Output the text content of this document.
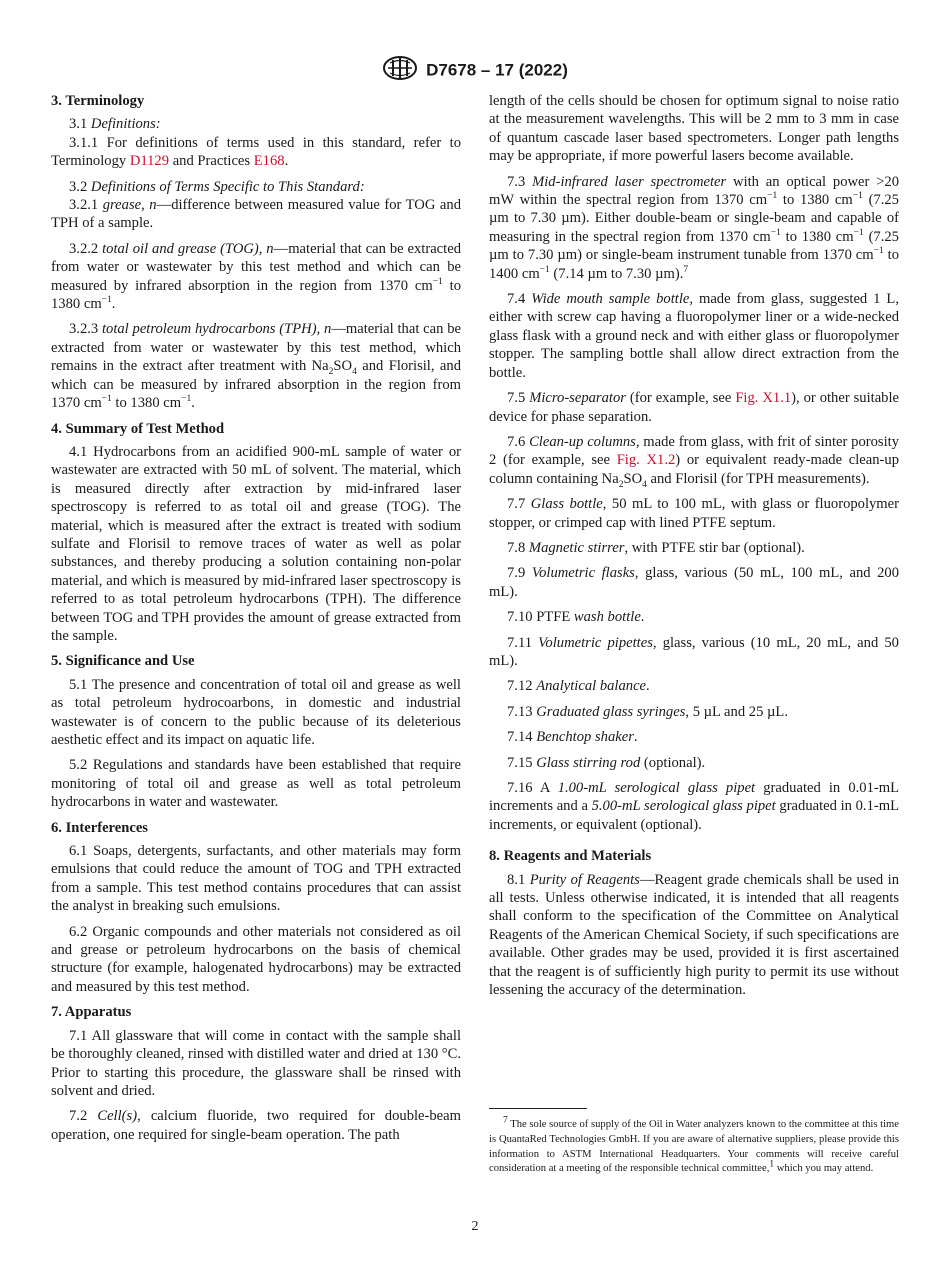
D7678 – 17 (2022)
3. Terminology

3.1 Definitions:

3.1.1 For definitions of terms used in this standard, refer to Terminology D1129 and Practices E168.

3.2 Definitions of Terms Specific to This Standard:

3.2.1 grease, n—difference between measured value for TOG and TPH of a sample.

3.2.2 total oil and grease (TOG), n—material that can be extracted from water or wastewater by this test method and which can be measured by infrared absorption in the region from 1370 $cm^{-1}$ to 1380 $cm^{-1}$.

3.2.3 total petroleum hydrocarbons (TPH), n—material that can be extracted from water or wastewater by this test method, which remains in the extract after treatment with $Na_2SO_4$ and Florisil, and which can be measured by infrared absorption in the region from 1370 $cm^{-1}$ to 1380 $cm^{-1}$.

4. Summary of Test Method

4.1 Hydrocarbons from an acidified 900-mL sample of water or wastewater are extracted with 50 mL of solvent. The material, which is measured directly after extraction by mid-infrared laser spectroscopy is referred to as total oil and grease (TOG). The material, which is measured after the extract is treated with sodium sulfate and Florisil to remove traces of water as well as polar substances, and thereby producing a solution containing non-polar material, and which is measured by mid-infrared laser spectroscopy is referred to as total petroleum hydrocarbons (TPH). The difference between TOG and TPH provides the amount of grease extracted from the sample.

5. Significance and Use

5.1 The presence and concentration of total oil and grease as well as total petroleum hydrocoarbons, in domestic and industrial wastewater is of concern to the public because of its deleterious aesthetic effect and its impact on aquatic life.

5.2 Regulations and standards have been established that require monitoring of total oil and grease as well as total petroleum hydrocarbons in water and wastewater.

6. Interferences

6.1 Soaps, detergents, surfactants, and other materials may form emulsions that could reduce the amount of TOG and TPH extracted from a sample. This test method contains procedures that can assist the analyst in breaking such emulsions.

6.2 Organic compounds and other materials not considered as oil and grease or petroleum hydrocarbons on the basis of chemical structure (for example, halogenated hydrocarbons) may be extracted and measured by this test method.

7. Apparatus

7.1 All glassware that will come in contact with the sample shall be thoroughly cleaned, rinsed with distilled water and dried at 130 °C. Prior to starting this procedure, the glassware shall be rinsed with solvent and dried.

7.2 Cell(s), calcium fluoride, two required for double-beam operation, one required for single-beam operation. The path

length of the cells should be chosen for optimum signal to noise ratio at the measurement wavelengths. This will be 2 mm to 3 mm in case of quantum cascade laser based spectrometers. Longer path lengths may be appropriate, if more powerful lasers become available.

7.3 Mid-infrared laser spectrometer with an optical power >20 mW within the spectral region from 1370 $cm^{-1}$ to 1380 $cm^{-1}$ (7.25 µm to 7.30 µm). Either double-beam or single-beam and capable of measuring in the spectral region from 1370 $cm^{-1}$ to 1380 $cm^{-1}$ (7.25 µm to 7.30 µm) or single-beam instrument tunable from 1370 $cm^{-1}$ to 1400 $cm^{-1}$ (7.14 µm to 7.30 µm).$^7$

7.4 Wide mouth sample bottle, made from glass, suggested 1 L, either with screw cap having a fluoropolymer liner or a wide-necked glass flask with a ground neck and with either glass or fluoropolymer stopper. The sampling bottle shall allow direct extraction from the bottle.

7.5 Micro-separator (for example, see Fig. X1.1), or other suitable device for phase separation.

7.6 Clean-up columns, made from glass, with frit of sinter porosity 2 (for example, see Fig. X1.2) or equivalent ready-made clean-up column containing $Na_2SO_4$ and Florisil (for TPH measurements).

7.7 Glass bottle, 50 mL to 100 mL, with glass or fluoropolymer stopper, or crimped cap with lined PTFE septum.

7.8 Magnetic stirrer, with PTFE stir bar (optional).

7.9 Volumetric flasks, glass, various (50 mL, 100 mL, and 200 mL).

7.10 PTFE wash bottle.

7.11 Volumetric pipettes, glass, various (10 mL, 20 mL, and 50 mL).

7.12 Analytical balance.

7.13 Graduated glass syringes, 5 µL and 25 µL.

7.14 Benchtop shaker.

7.15 Glass stirring rod (optional).

7.16 A 1.00-mL serological glass pipet graduated in 0.01-mL increments and a 5.00-mL serological glass pipet graduated in 0.1-mL increments, or equivalent (optional).

8. Reagents and Materials

8.1 Purity of Reagents—Reagent grade chemicals shall be used in all tests. Unless otherwise indicated, it is intended that all reagents shall conform to the specification of the Committee on Analytical Reagents of the American Chemical Society, if such specifications are available. Other grades may be used, provided it is first ascertained that the reagent is of sufficiently high purity to permit its use without lessening the accuracy of the determination.

$^7$ The sole source of supply of the Oil in Water analyzers known to the committee at this time is QuantaRed Technologies GmbH. If you are aware of alternative suppliers, please provide this information to ASTM International Headquarters. Your comments will receive careful consideration at a meeting of the responsible technical committee,$^1$ which you may attend.

2
